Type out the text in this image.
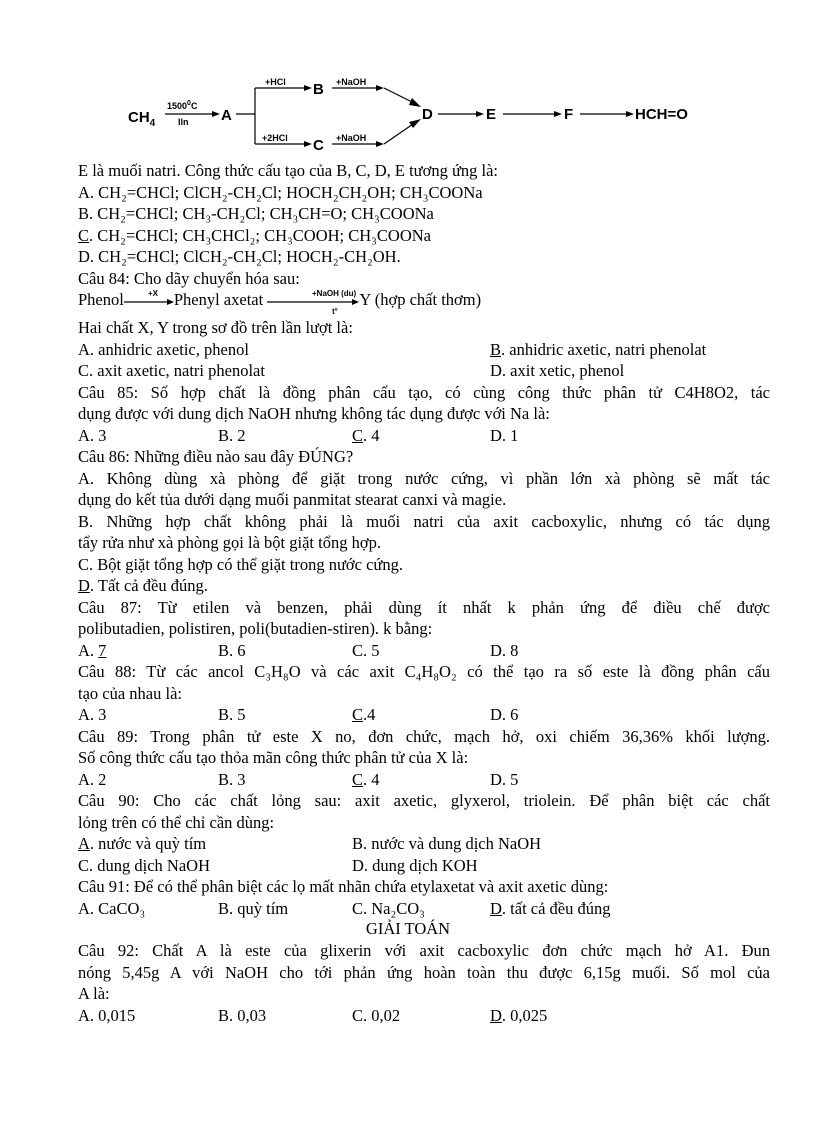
$CH_4$
1500$^0$C
lln A
+HCl B +NaOH
+2HCl C +NaOH
D	E	F	HCH=O
E là muối natri. Công thức cấu tạo của B, C, D, E tương ứng là:
A. CH₂=CHCl; ClCH₂-CH₂Cl; HOCH₂CH₂OH; CH₃COONa
B. CH₂=CHCl; CH₃-CH₂Cl; CH₃CH=O; CH₃COONa
C. CH₂=CHCl; CH₃CHCl₂; CH₃COOH; CH₃COONa
D. CH₂=CHCl; ClCH₂-CH₂Cl; HOCH₂-CH₂OH.
Câu 84: Cho dãy chuyển hóa sau:
Phenol	+X Phenyl axetat	+NaOH (du)
t°
Y (hợp chất thơm)
Hai chất X, Y trong sơ đồ trên lần lượt là:
A. anhidric axetic, phenol	B. anhidric axetic, natri phenolat
C. axit axetic, natri phenolat	D. axit xetic, phenol
Câu 85: Số hợp chất là đồng phân cấu tạo, có cùng công thức phân tử C4H8O2, tác
dụng được với dung dịch NaOH nhưng không tác dụng được với Na là:
A. 3	B. 2	C. 4	D. 1
Câu 86: Những điều nào sau đây ĐÚNG?
A. Không dùng xà phòng để giặt trong nước cứng, vì phần lớn xà phòng sẽ mất tác
dụng do kết tủa dưới dạng muối panmitat stearat canxi và magie.
B. Những hợp chất không phải là muối natri của axit cacboxylic, nhưng có tác dụng
tẩy rửa như xà phòng gọi là bột giặt tổng hợp.
C. Bột giặt tổng hợp có thể giặt trong nước cứng.
D. Tất cả đều đúng.
Câu 87: Từ etilen và benzen, phải dùng ít nhất k phản ứng để điều chế được
polibutadien, polistiren, poli(butadien-stiren). k bằng:
A. 7	B. 6	C. 5	D. 8
Câu 88: Từ các ancol C₃H₈O và các axit C₄H₈O₂ có thể tạo ra số este là đồng phân cấu
tạo của nhau là:
A. 3	B. 5	C.4	D. 6
Câu 89: Trong phân tử este X no, đơn chức, mạch hở, oxi chiếm 36,36% khối lượng.
Số công thức cấu tạo thỏa mãn công thức phân tử của X là:
A. 2	B. 3	C. 4	D. 5
Câu 90: Cho các chất lỏng sau: axit axetic, glyxerol, triolein. Để phân biệt các chất
lỏng trên có thể chỉ cần dùng:
A. nước và quỳ tím	B. nước và dung dịch NaOH
C. dung dịch NaOH	D. dung dịch KOH
Câu 91: Để có thể phân biệt các lọ mất nhãn chứa etylaxetat và axit axetic dùng:
A. CaCO₃	B. quỳ tím	C. Na₂CO₃	D. tất cả đều đúng
GIẢI TOÁN
Câu 92: Chất A là este của glixerin với axit cacboxylic đơn chức mạch hở A1. Đun
nóng 5,45g A với NaOH cho tới phản ứng hoàn toàn thu được 6,15g muối. Số mol của
A là:
A. 0,015	B. 0,03	C. 0,02	D. 0,025
